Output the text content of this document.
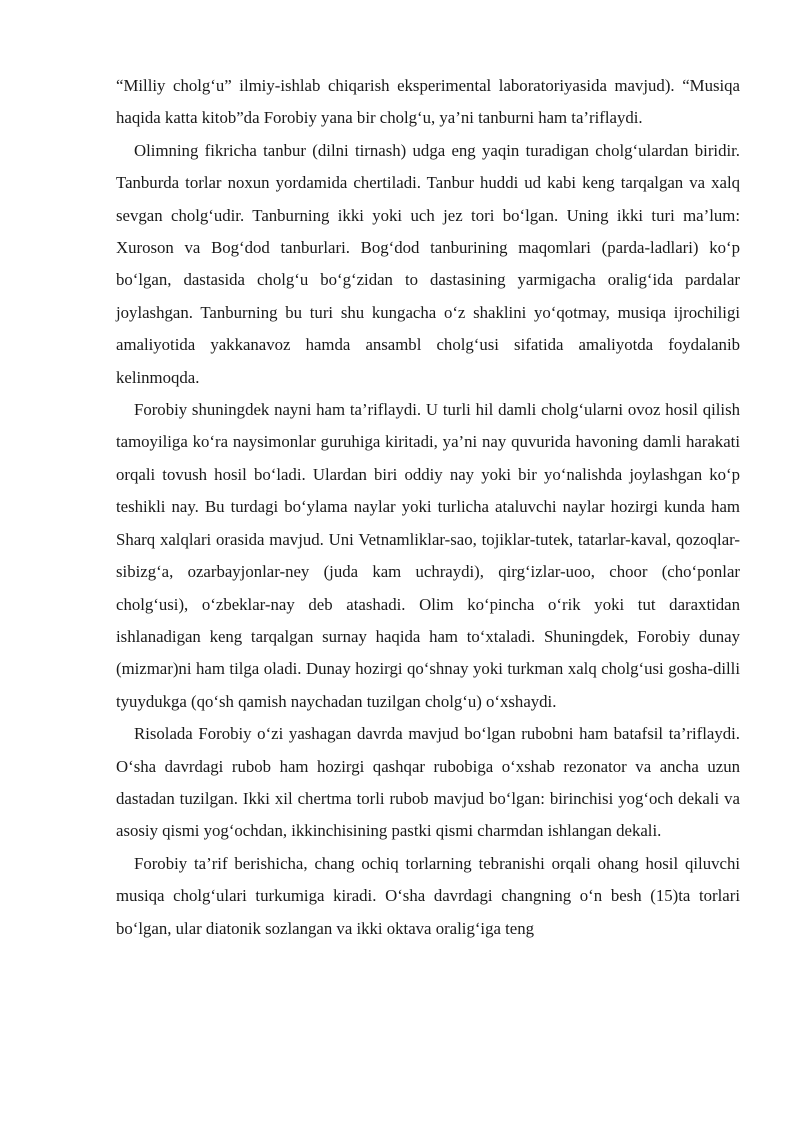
“Milliy cholg‘u” ilmiy-ishlab chiqarish eksperimental laboratoriyasida mavjud). “Musiqa haqida katta kitob”da Forobiy yana bir cholg‘u, ya’ni tanburni ham ta’riflaydi.

Olimning fikricha tanbur (dilni tirnash) udga eng yaqin turadigan cholg‘ulardan biridir. Tanburda torlar noxun yordamida chertiladi. Tanbur huddi ud kabi keng tarqalgan va xalq sevgan cholg‘udir. Tanburning ikki yoki uch jez tori bo‘lgan. Uning ikki turi ma’lum: Xuroson va Bog‘dod tanburlari. Bog‘dod tanburining maqomlari (parda-ladlari) ko‘p bo‘lgan, dastasida cholg‘u bo‘g‘zidan to dastasining yarmigacha oralig‘ida pardalar joylashgan. Tanburning bu turi shu kungacha o‘z shaklini yo‘qotmay, musiqa ijrochiligi amaliyotida yakkanavoz hamda ansambl cholg‘usi sifatida amaliyotda foydalanib kelinmoqda.

Forobiy shuningdek nayni ham ta’riflaydi. U turli hil damli cholg‘ularni ovoz hosil qilish tamoyiliga ko‘ra naysimonlar guruhiga kiritadi, ya’ni nay quvurida havoning damli harakati orqali tovush hosil bo‘ladi. Ulardan biri oddiy nay yoki bir yo‘nalishda joylashgan ko‘p teshikli nay. Bu turdagi bo‘ylama naylar yoki turlicha ataluvchi naylar hozirgi kunda ham Sharq xalqlari orasida mavjud. Uni Vetnamliklar-sao, tojiklar-tutek, tatarlar-kaval, qozoqlar-sibizg‘a, ozarbayjonlar-ney (juda kam uchraydi), qirg‘izlar-uoo, choor (cho‘ponlar cholg‘usi), o‘zbeklar-nay deb atashadi. Olim ko‘pincha o‘rik yoki tut daraxtidan ishlanadigan keng tarqalgan surnay haqida ham to‘xtaladi. Shuningdek, Forobiy dunay (mizmar)ni ham tilga oladi. Dunay hozirgi qo‘shnay yoki turkman xalq cholg‘usi gosha-dilli tyuydukga (qo‘sh qamish naychadan tuzilgan cholg‘u) o‘xshaydi.

Risolada Forobiy o‘zi yashagan davrda mavjud bo‘lgan rubobni ham batafsil ta’riflaydi. O‘sha davrdagi rubob ham hozirgi qashqar rubobiga o‘xshab rezonator va ancha uzun dastadan tuzilgan. Ikki xil chertma torli rubob mavjud bo‘lgan: birinchisi yog‘och dekali va asosiy qismi yog‘ochdan, ikkinchisining pastki qismi charmdan ishlangan dekali.

Forobiy ta’rif berishicha, chang ochiq torlarning tebranishi orqali ohang hosil qiluvchi musiqa cholg‘ulari turkumiga kiradi. O‘sha davrdagi changning o‘n besh (15)ta torlari bo‘lgan, ular diatonik sozlangan va ikki oktava oralig‘iga teng
